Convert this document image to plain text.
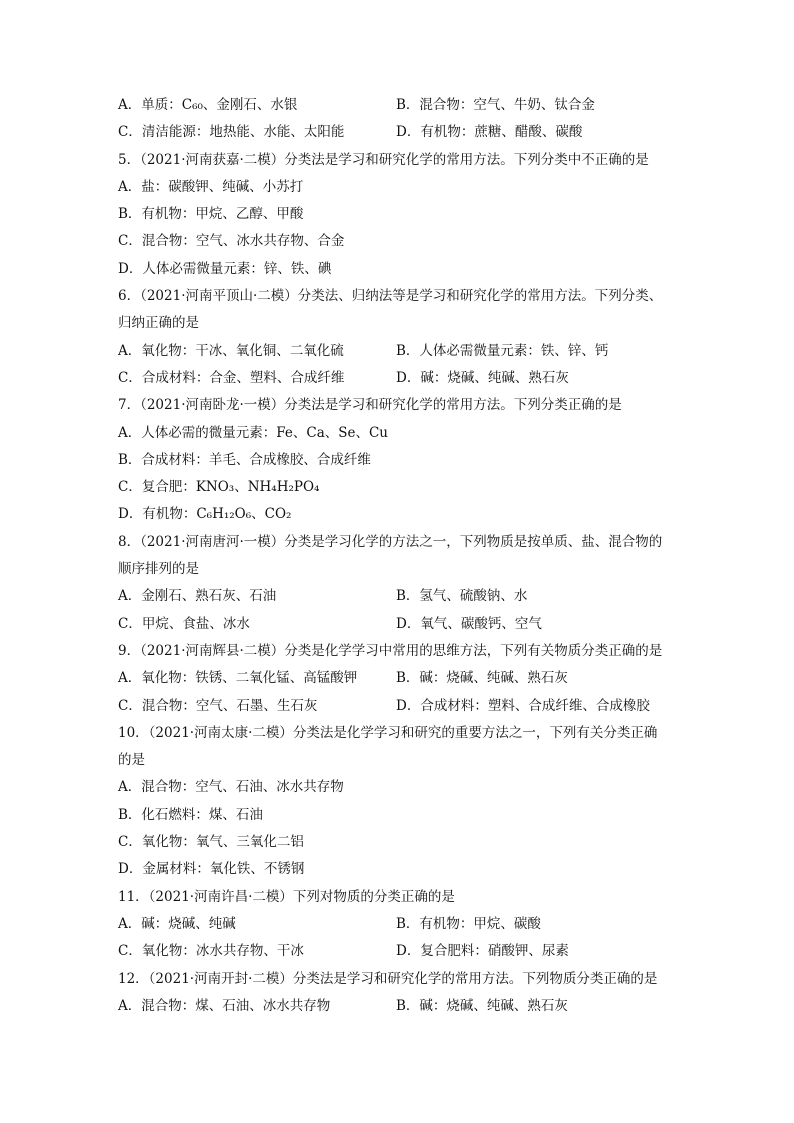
A．单质：C₆₀、金刚石、水银	B．混合物：空气、牛奶、钛合金
C．清洁能源：地热能、水能、太阳能	D．有机物：蔗糖、醋酸、碳酸
5．（2021·河南获嘉·二模）分类法是学习和研究化学的常用方法。下列分类中不正确的是
A．盐：碳酸钾、纯碱、小苏打
B．有机物：甲烷、乙醇、甲酸
C．混合物：空气、冰水共存物、合金
D．人体必需微量元素：锌、铁、碘
6．（2021·河南平顶山·二模）分类法、归纳法等是学习和研究化学的常用方法。下列分类、
归纳正确的是
A．氧化物：干冰、氧化铜、二氧化硫	B．人体必需微量元素：铁、锌、钙
C．合成材料：合金、塑料、合成纤维	D．碱：烧碱、纯碱、熟石灰
7．（2021·河南卧龙·一模）分类法是学习和研究化学的常用方法。下列分类正确的是
A．人体必需的微量元素：Fe、Ca、Se、Cu
B．合成材料：羊毛、合成橡胶、合成纤维
C．复合肥：KNO₃、NH₄H₂PO₄
D．有机物：C₆H₁₂O₆、CO₂
8．（2021·河南唐河·一模）分类是学习化学的方法之一，下列物质是按单质、盐、混合物的
顺序排列的是
A．金刚石、熟石灰、石油	B．氢气、硫酸钠、水
C．甲烷、食盐、冰水	D．氧气、碳酸钙、空气
9．（2021·河南辉县·二模）分类是化学学习中常用的思维方法，下列有关物质分类正确的是
A．氧化物：铁锈、二氧化锰、高锰酸钾	B．碱：烧碱、纯碱、熟石灰
C．混合物：空气、石墨、生石灰	D．合成材料：塑料、合成纤维、合成橡胶
10．（2021·河南太康·二模）分类法是化学学习和研究的重要方法之一，下列有关分类正确
的是
A．混合物：空气、石油、冰水共存物
B．化石燃料：煤、石油
C．氧化物：氧气、三氧化二铝
D．金属材料：氧化铁、不锈钢
11．（2021·河南许昌·二模）下列对物质的分类正确的是
A．碱：烧碱、纯碱	B．有机物：甲烷、碳酸
C．氧化物：冰水共存物、干冰	D．复合肥料：硝酸钾、尿素
12．（2021·河南开封·二模）分类法是学习和研究化学的常用方法。下列物质分类正确的是
A．混合物：煤、石油、冰水共存物	B．碱：烧碱、纯碱、熟石灰
